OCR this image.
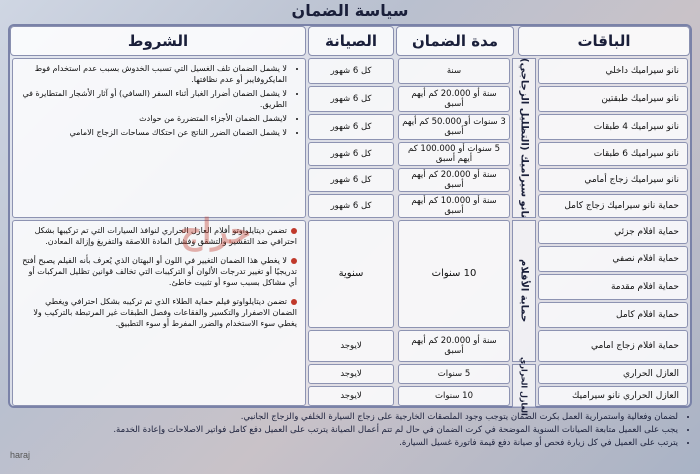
سياسة الضمان
الباقات
مدة الضمان
الصيانة
الشروط
نانو سيراميك (التظليل الزجاجي)
حماية الأفلام
العازل الحراري
نانو سيراميك داخلي
نانو سيراميك طبقتين
نانو سيراميك 4 طبقات
نانو سيراميك 6 طبقات
نانو سيراميك زجاج أمامي
حماية نانو سيراميك زجاج كامل
حماية افلام جزئي
حماية افلام نصفي
حماية افلام مقدمة
حماية افلام كامل
حماية افلام زجاج امامي
العازل الحراري
العازل الحراري نانو سيراميك
سنة
سنة أو 20.000 كم أيهم أسبق
3 سنوات أو 50.000 كم أيهم أسبق
5 سنوات أو 100.000 كم أيهم أسبق
سنة أو 20.000 كم أيهم أسبق
سنة أو 10.000 كم أيهم أسبق
10 سنوات
سنة أو 20.000 كم أيهم أسبق
5 سنوات
10 سنوات
كل 6 شهور
كل 6 شهور
كل 6 شهور
كل 6 شهور
كل 6 شهور
كل 6 شهور
سنوية
لايوجد
لايوجد
لايوجد
• لا يشمل الضمان تلف الغسيل التي تسبب الخدوش بسبب عدم استخدام فوط المايكروفايبر أو عدم نظافتها.
• لا يشمل الضمان أضرار الغبار أثناء السفر (السافي) أو آثار الأشجار المتطايرة في الطريق.
• لايشمل الضمان الأجزاء المتضررة من حوادث
• لا يشمل الضمان الضرر الناتج عن احتكاك مساحات الزجاج الامامي

تضمن ديتايلواوتو أفلام العازل الحراري لنوافذ السيارات التي تم تركيبها بشكل احترافي ضد التقشير والتشقق وفشل المادة اللاصقة والتفريغ وإزالة المعادن.

لا يغطي هذا الضمان التغيير في اللون أو البهتان الذي يُعرف بأنه الفيلم يصبح أفتح تدريجيًا أو تغيير تدرجات الألوان أو التركيبات التي تخالف قوانين تظليل المركبات أو أي مشاكل بسبب سوء أو تثبيت خاطئ.

تضمن ديتايلواوتو فيلم حماية الطلاء الذي تم تركيبه بشكل احترافي ويغطي الضمان الاصفرار والتكسير والفقاعات وفصل الطبقات غير المرتبطة بالتركيب ولا يغطي سوء الاستخدام والضرر المفرط أو سوء التطبيق.

حراج
• لضمان وفعالية واستمرارية العمل بكرت الضمان يتوجب وجود الملصقات الخارجية على زجاج السيارة الخلفي والزجاج الجانبي.
• يجب على العميل متابعة الصيانات السنوية الموضحة في كرت الضمان في حال لم تتم أعمال الصيانة يترتب على العميل دفع كامل فواتير الاصلاحات وإعادة الخدمة.
• يترتب على العميل في كل زيارة فحص أو صيانة دفع قيمة فاتورة غسيل السيارة.
haraj
